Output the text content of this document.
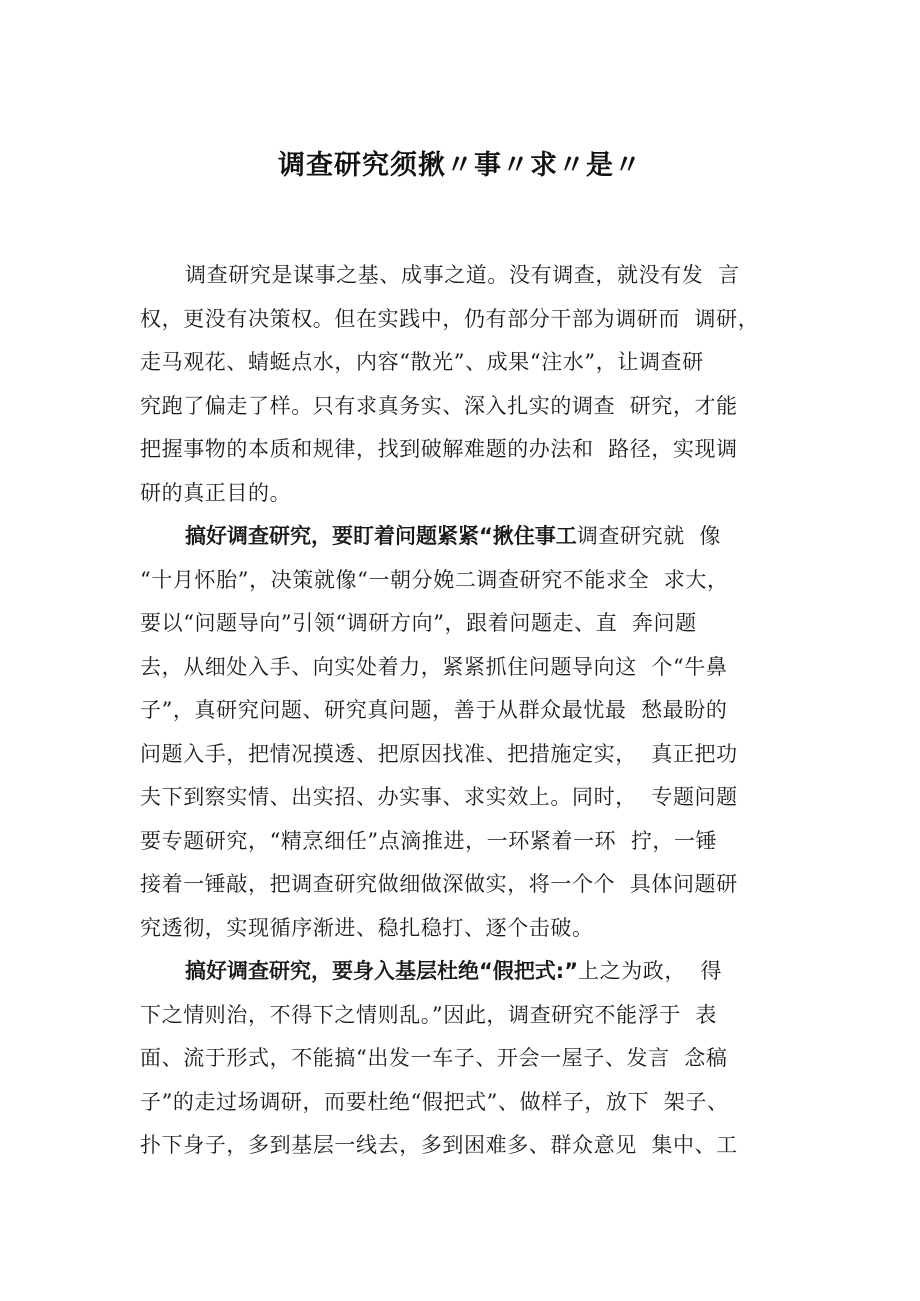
调查研究须揪〃事〃求〃是〃
调查研究是谋事之基、成事之道。没有调查，就没有发  言
权，更没有决策权。但在实践中，仍有部分干部为调研而  调研，
走马观花、蜻蜓点水，内容“散光”、成果“注水”，让调查研
究跑了偏走了样。只有求真务实、深入扎实的调查  研究，才能
把握事物的本质和规律，找到破解难题的办法和  路径，实现调
研的真正目的。
搞好调查研究，要盯着问题紧紧“揪住事工调查研究就  像
“十月怀胎”，决策就像“一朝分娩二调查研究不能求全  求大，
要以“问题导向”引领“调研方向”，跟着问题走、直  奔问题
去，从细处入手、向实处着力，紧紧抓住问题导向这  个“牛鼻
子”，真研究问题、研究真问题，善于从群众最忧最  愁最盼的
问题入手，把情况摸透、把原因找准、把措施定实，  真正把功
夫下到察实情、出实招、办实事、求实效上。同时，  专题问题
要专题研究，“精烹细任”点滴推进，一环紧着一环  拧，一锤
接着一锤敲，把调查研究做细做深做实，将一个个  具体问题研
究透彻，实现循序渐进、稳扎稳打、逐个击破。
搞好调查研究，要身入基层杜绝“假把式:”上之为政，  得
下之情则治，不得下之情则乱。”因此，调查研究不能浮于  表
面、流于形式，不能搞“出发一车子、开会一屋子、发言  念稿
子”的走过场调研，而要杜绝“假把式”、做样子，放下  架子、
扑下身子，多到基层一线去，多到困难多、群众意见  集中、工
